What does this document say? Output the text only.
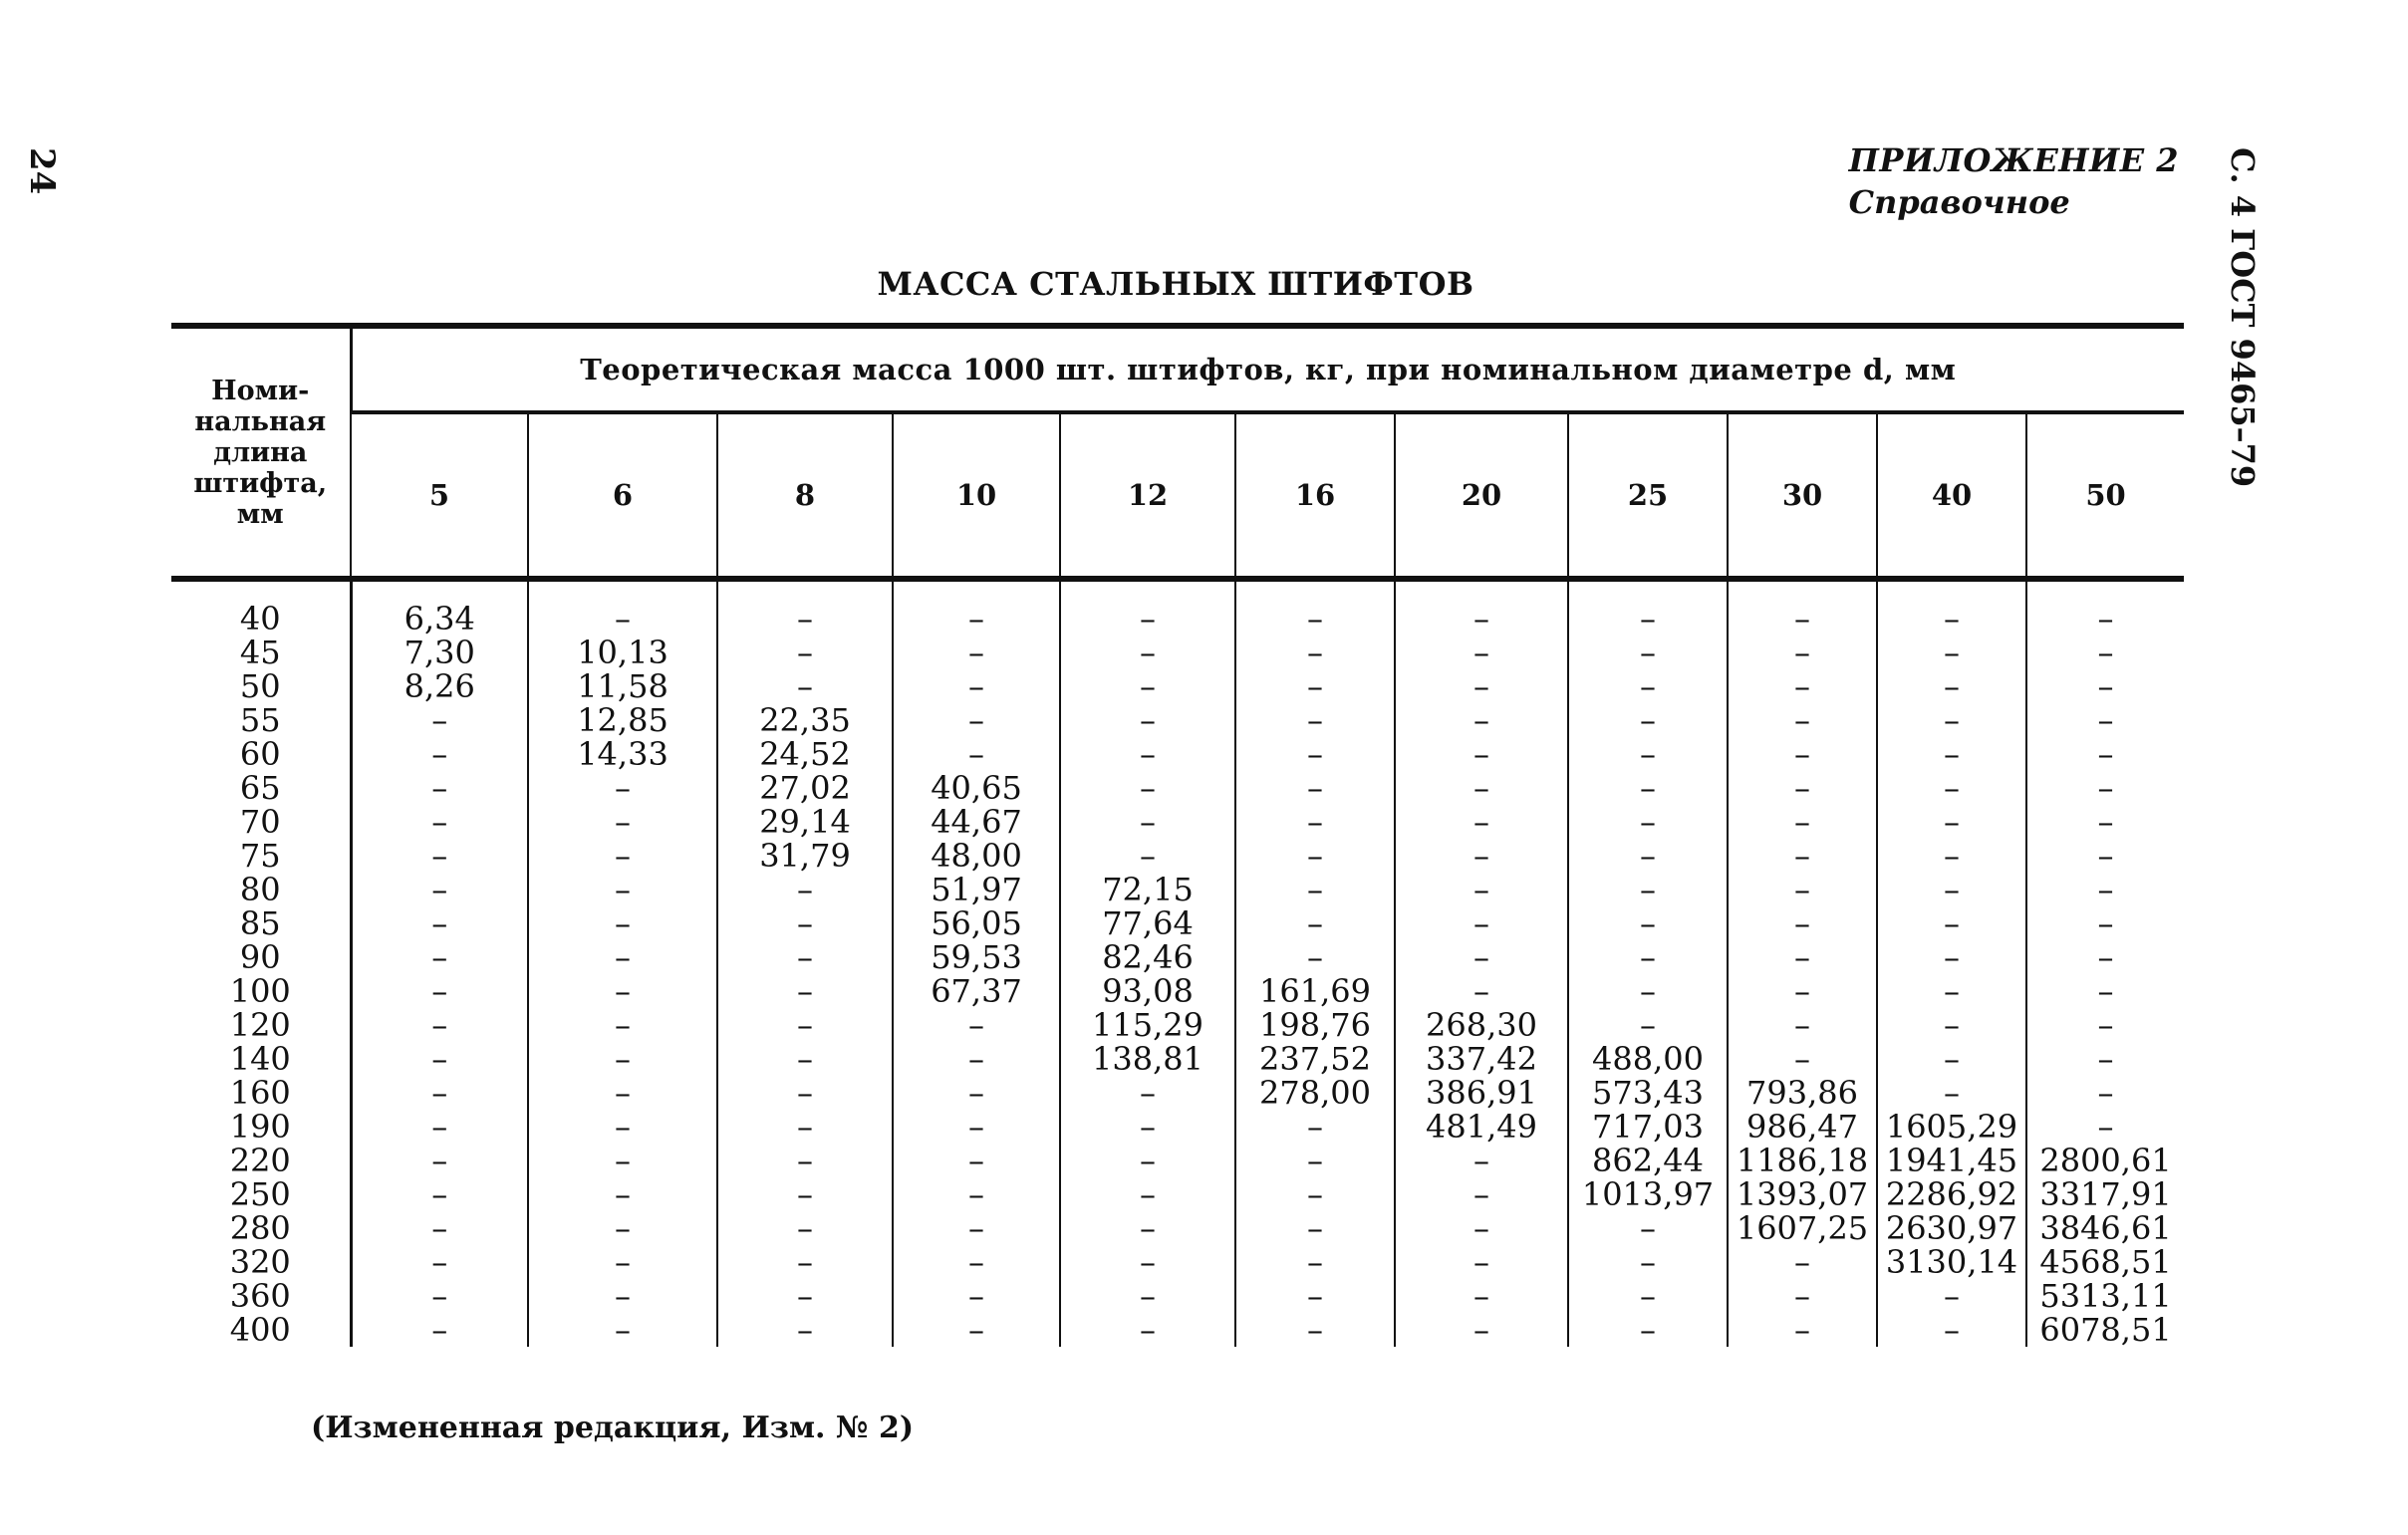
24	С. 4 ГОСТ 9465–79
ПРИЛОЖЕНИЕ 2
Справочное
МАССА СТАЛЬНЫХ ШТИФТОВ
Номи-нальная длина штифта, мм	Теоретическая масса 1000 шт. штифтов, кг, при номинальном диаметре d, мм										
	5	6	8	10	12	16	20	25	30	40	50
40	6,34	–	–	–	–	–	–	–	–	–	–
45	7,30	10,13	–	–	–	–	–	–	–	–	–
50	8,26	11,58	–	–	–	–	–	–	–	–	–
55	–	12,85	22,35	–	–	–	–	–	–	–	–
60	–	14,33	24,52	–	–	–	–	–	–	–	–
65	–	–	27,02	40,65	–	–	–	–	–	–	–
70	–	–	29,14	44,67	–	–	–	–	–	–	–
75	–	–	31,79	48,00	–	–	–	–	–	–	–
80	–	–	–	51,97	72,15	–	–	–	–	–	–
85	–	–	–	56,05	77,64	–	–	–	–	–	–
90	–	–	–	59,53	82,46	–	–	–	–	–	–
100	–	–	–	67,37	93,08	161,69	–	–	–	–	–
120	–	–	–	–	115,29	198,76	268,30	–	–	–	–
140	–	–	–	–	138,81	237,52	337,42	488,00	–	–	–
160	–	–	–	–	–	278,00	386,91	573,43	793,86	–	–
190	–	–	–	–	–	–	481,49	717,03	986,47	1605,29	–
220	–	–	–	–	–	–	–	862,44	1186,18	1941,45	2800,61
250	–	–	–	–	–	–	–	1013,97	1393,07	2286,92	3317,91
280	–	–	–	–	–	–	–	–	1607,25	2630,97	3846,61
320	–	–	–	–	–	–	–	–	–	3130,14	4568,51
360	–	–	–	–	–	–	–	–	–	–	5313,11
400	–	–	–	–	–	–	–	–	–	–	6078,51
(Измененная редакция, Изм. № 2)
